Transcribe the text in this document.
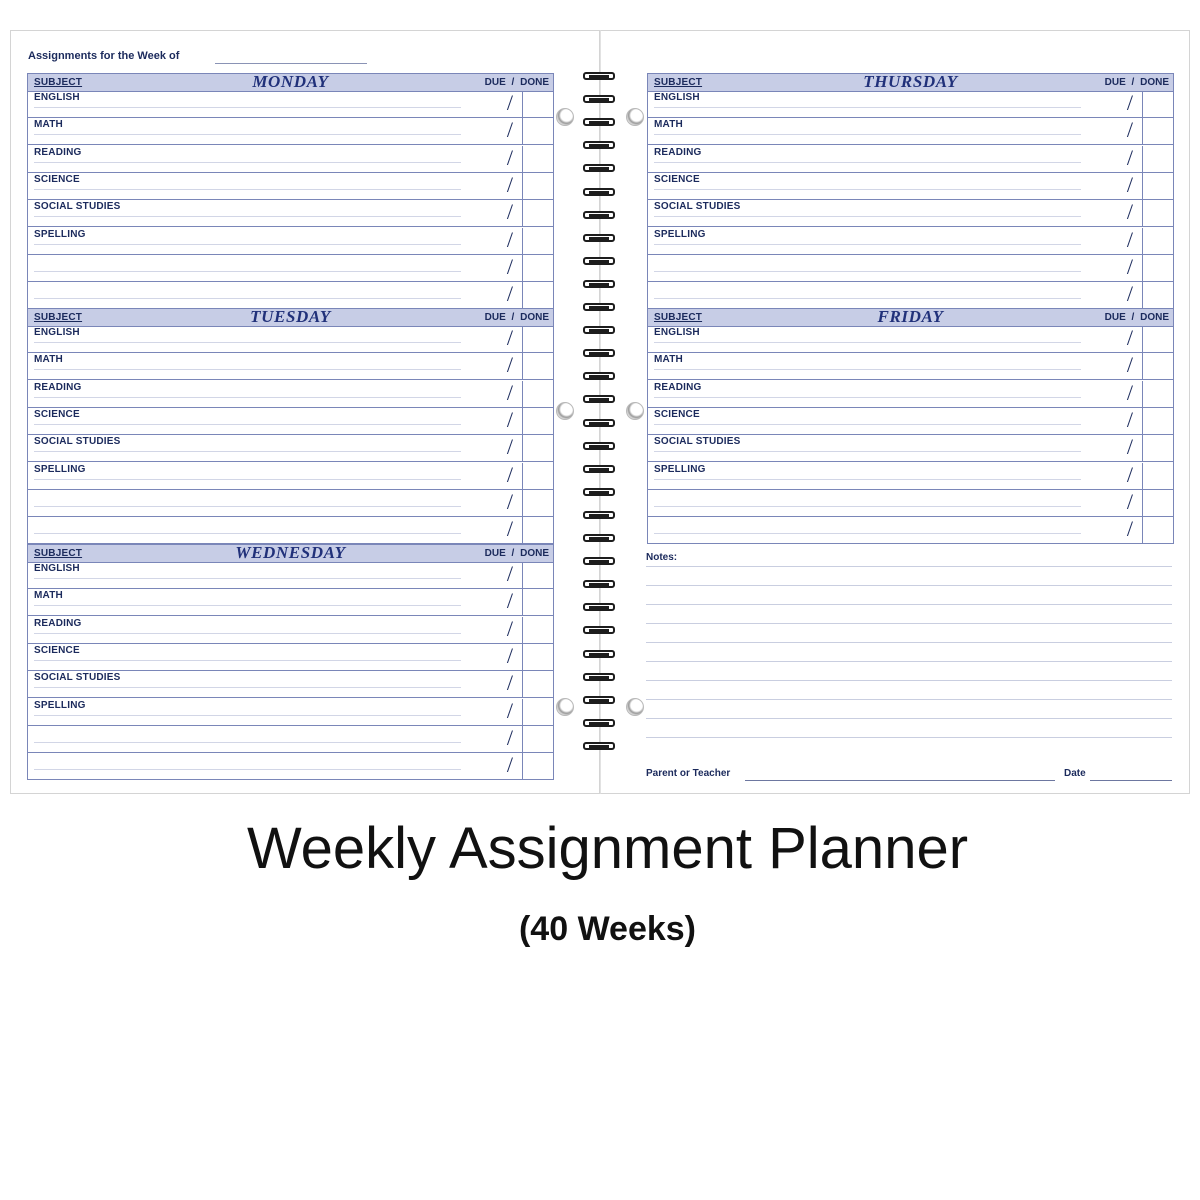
Assignments for the Week of
SUBJECT	MONDAY	DUE / DONE
ENGLISH	/
MATH	/
READING	/
SCIENCE	/
SOCIAL STUDIES	/
SPELLING	/
/
/
SUBJECT	TUESDAY	DUE / DONE
ENGLISH	/
MATH	/
READING	/
SCIENCE	/
SOCIAL STUDIES	/
SPELLING	/
/
/
SUBJECT	WEDNESDAY	DUE / DONE
ENGLISH	/
MATH	/
READING	/
SCIENCE	/
SOCIAL STUDIES	/
SPELLING	/
/
/
SUBJECT	THURSDAY	DUE / DONE
ENGLISH	/
MATH	/
READING	/
SCIENCE	/
SOCIAL STUDIES	/
SPELLING	/
/
/
SUBJECT	FRIDAY	DUE / DONE
ENGLISH	/
MATH	/
READING	/
SCIENCE	/
SOCIAL STUDIES	/
SPELLING	/
/
/
Notes:
Parent or Teacher	Date
Weekly Assignment Planner
(40 Weeks)
